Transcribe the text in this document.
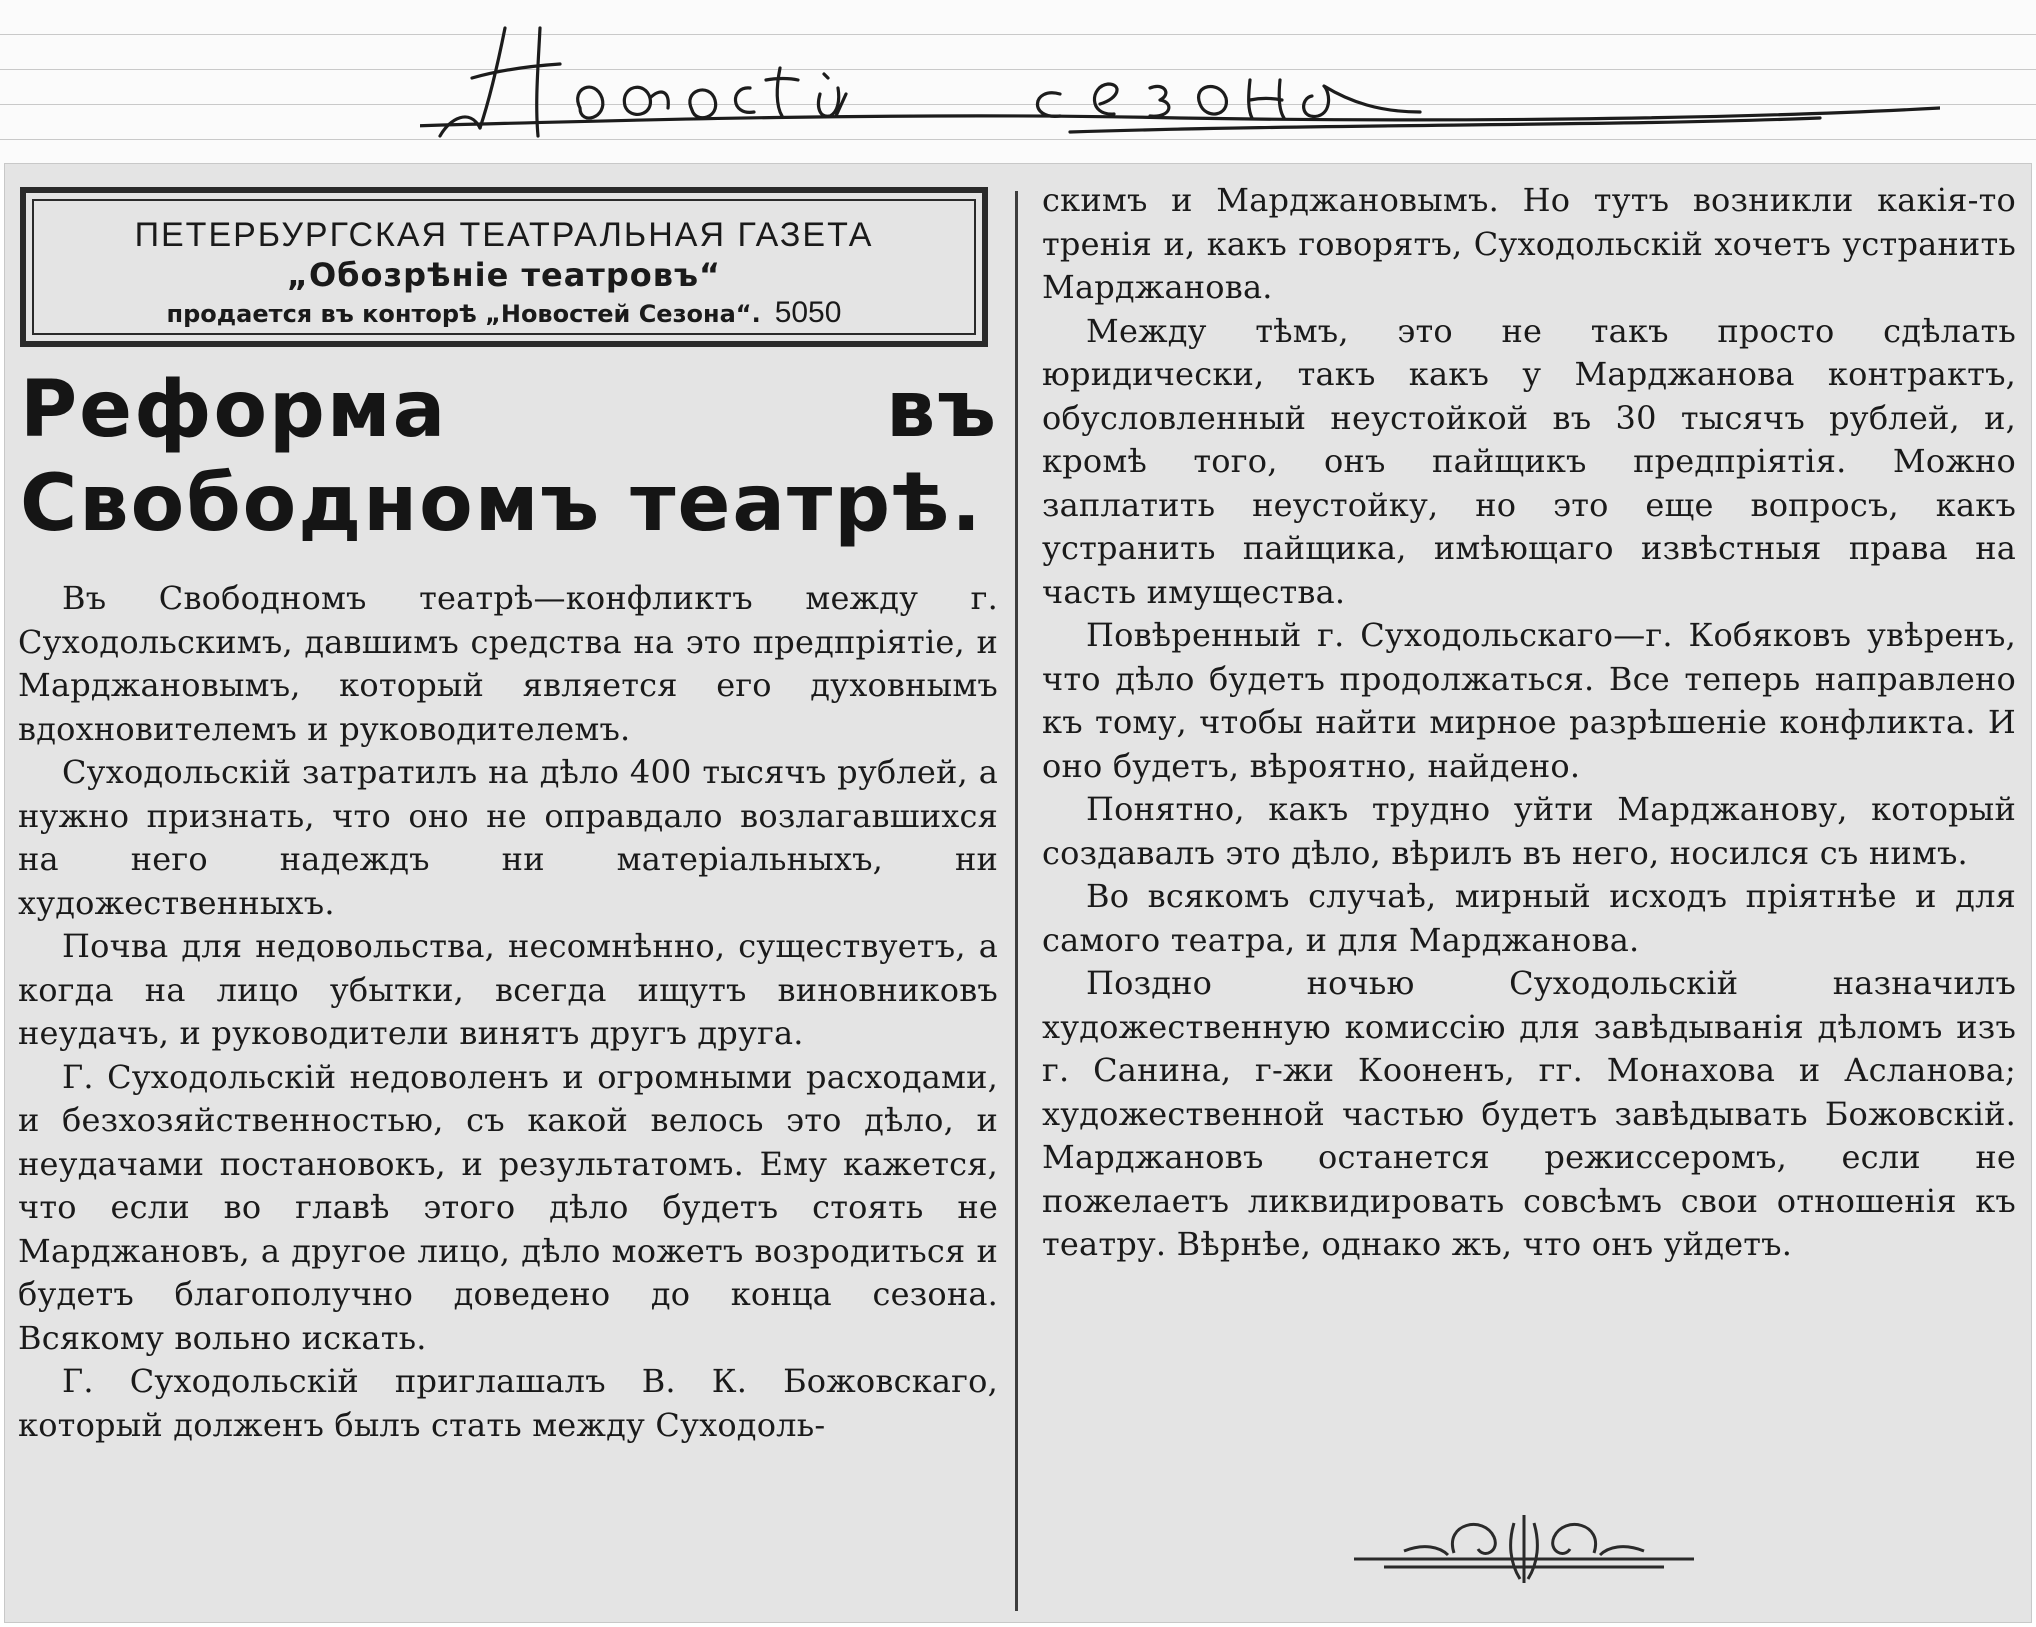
ПЕТЕРБУРГСКАЯ ТЕАТРАЛЬНАЯ ГАЗЕТА
„Обозрѣніе театровъ“
продается въ конторѣ „Новостей Сезона“. 5050
Реформа въ Свободномъ театрѣ.

Въ Свободномъ театрѣ—конфликтъ между г. Суходольскимъ, давшимъ средства на это предпріятіе, и Марджановымъ, который является его духовнымъ вдохновителемъ и руководителемъ.

Суходольскій затратилъ на дѣло 400 тысячъ рублей, а нужно признать, что оно не оправдало возлагавшихся на него надеждъ ни матеріальныхъ, ни художественныхъ.

Почва для недовольства, несомнѣнно, существуетъ, а когда на лицо убытки, всегда ищутъ виновниковъ неудачъ, и руководители винятъ другъ друга.

Г. Суходольскій недоволенъ и огромными расходами, и безхозяйственностью, съ какой велось это дѣло, и неудачами постановокъ, и результатомъ. Ему кажется, что если во главѣ этого дѣло будетъ стоять не Марджановъ, а другое лицо, дѣло можетъ возродиться и будетъ благополучно доведено до конца сезона. Всякому вольно искать.

Г. Суходольскій приглашалъ В. К. Божовскаго, который долженъ былъ стать между Суходоль-

скимъ и Марджановымъ. Но тутъ возникли какія-то тренія и, какъ говорятъ, Суходольскій хочетъ устранить Марджанова.

Между тѣмъ, это не такъ просто сдѣлать юридически, такъ какъ у Марджанова контрактъ, обусловленный неустойкой въ 30 тысячъ рублей, и, кромѣ того, онъ пайщикъ предпріятія. Можно заплатить неустойку, но это еще вопросъ, какъ устранить пайщика, имѣющаго извѣстныя права на часть имущества.

Повѣренный г. Суходольскаго—г. Кобяковъ увѣренъ, что дѣло будетъ продолжаться. Все теперь направлено къ тому, чтобы найти мирное разрѣшеніе конфликта. И оно будетъ, вѣроятно, найдено.

Понятно, какъ трудно уйти Марджанову, который создавалъ это дѣло, вѣрилъ въ него, носился съ нимъ.

Во всякомъ случаѣ, мирный исходъ пріятнѣе и для самого театра, и для Марджанова.

Поздно ночью Суходольскій назначилъ художественную комиссію для завѣдыванія дѣломъ изъ г. Санина, г-жи Кооненъ, гг. Монахова и Асланова; художественной частью будетъ завѣдывать Божовскій. Марджановъ останется режиссеромъ, если не пожелаетъ ликвидировать совсѣмъ свои отношенія къ театру. Вѣрнѣе, однако жъ, что онъ уйдетъ.
